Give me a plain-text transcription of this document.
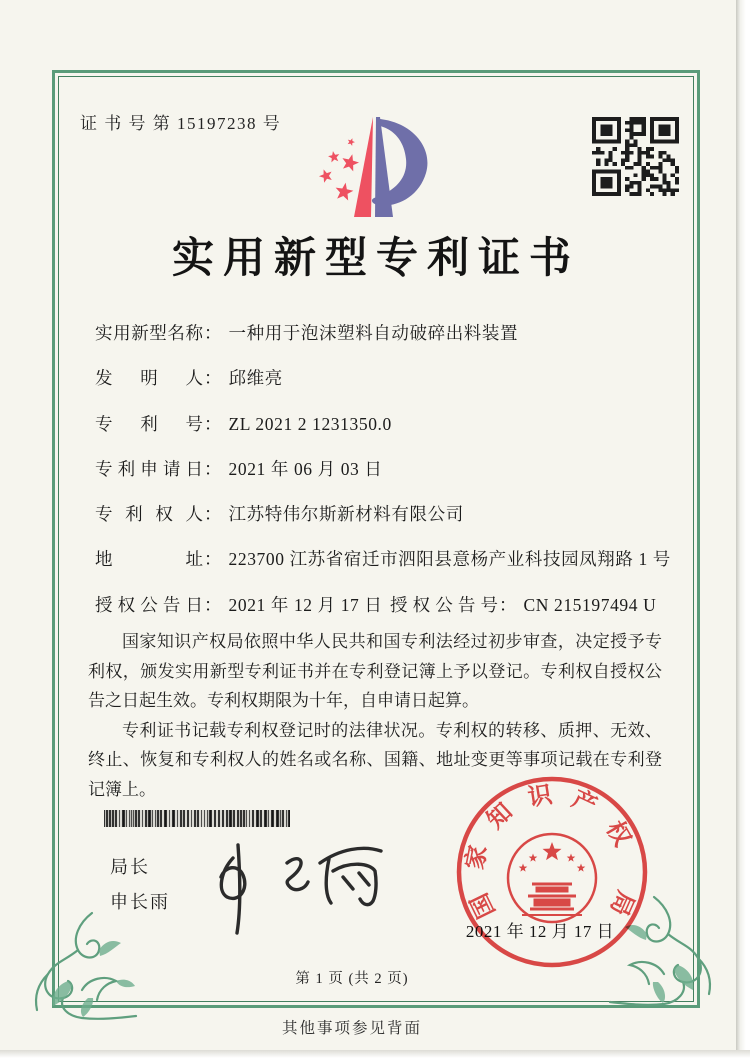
证 书 号 第 15197238 号
实用新型专利证书
实 用 新 型 名 称 ： 一种用于泡沫塑料自动破碎出料装置
发 明 人 ： 邱维亮
专 利 号 ： ZL 2021 2 1231350.0
专 利 申 请 日 ： 2021 年 06 月 03 日
专 利 权 人 ： 江苏特伟尔斯新材料有限公司
地	址 ： 223700 江苏省宿迁市泗阳县意杨产业科技园凤翔路 1 号
授 权 公 告 日 ： 2021 年 12 月 17 日 授 权 公 告 号 ： CN 215197494 U

国家知识产权局依照中华人民共和国专利法经过初步审查，决定授予专利权，颁发实用新型专利证书并在专利登记簿上予以登记。专利权自授权公告之日起生效。专利权期限为十年，自申请日起算。

专利证书记载专利权登记时的法律状况。专利权的转移、质押、无效、终止、恢复和专利权人的姓名或名称、国籍、地址变更等事项记载在专利登记簿上。

局长
申长雨
2021 年 12 月 17 日
国
家
知
识 产
权
局
第 1 页 (共 2 页)
其他事项参见背面
